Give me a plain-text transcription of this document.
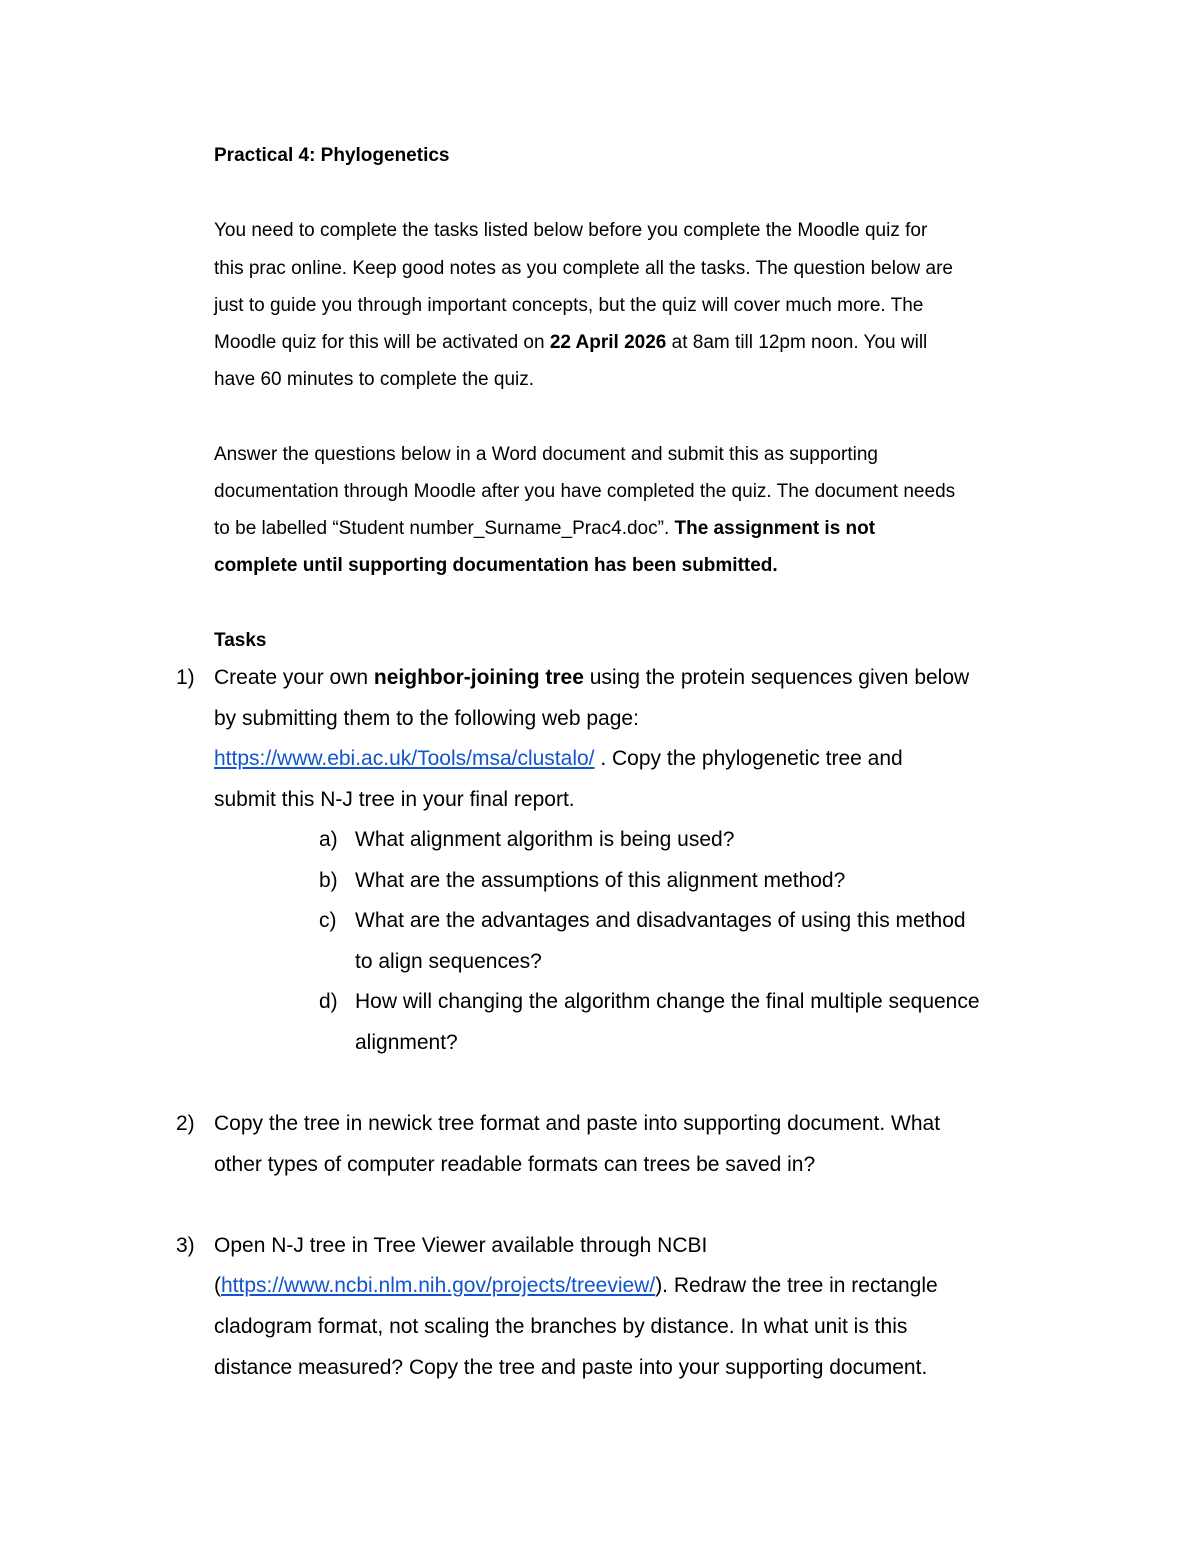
Practical 4: Phylogenetics
You need to complete the tasks listed below before you complete the Moodle quiz for
this prac online. Keep good notes as you complete all the tasks. The question below are
just to guide you through important concepts, but the quiz will cover much more. The
Moodle quiz for this will be activated on 22 April 2026 at 8am till 12pm noon. You will
have 60 minutes to complete the quiz.
Answer the questions below in a Word document and submit this as supporting
documentation through Moodle after you have completed the quiz. The document needs
to be labelled “Student number_Surname_Prac4.doc”. The assignment is not
complete until supporting documentation has been submitted.
Tasks
1) Create your own neighbor-joining tree using the protein sequences given below
by submitting them to the following web page:
https://www.ebi.ac.uk/Tools/msa/clustalo/ . Copy the phylogenetic tree and
submit this N-J tree in your final report.
a) What alignment algorithm is being used?
b) What are the assumptions of this alignment method?
c) What are the advantages and disadvantages of using this method
to align sequences?
d) How will changing the algorithm change the final multiple sequence
alignment?
2) Copy the tree in newick tree format and paste into supporting document. What
other types of computer readable formats can trees be saved in?
3) Open N-J tree in Tree Viewer available through NCBI
(https://www.ncbi.nlm.nih.gov/projects/treeview/). Redraw the tree in rectangle
cladogram format, not scaling the branches by distance. In what unit is this
distance measured? Copy the tree and paste into your supporting document.
